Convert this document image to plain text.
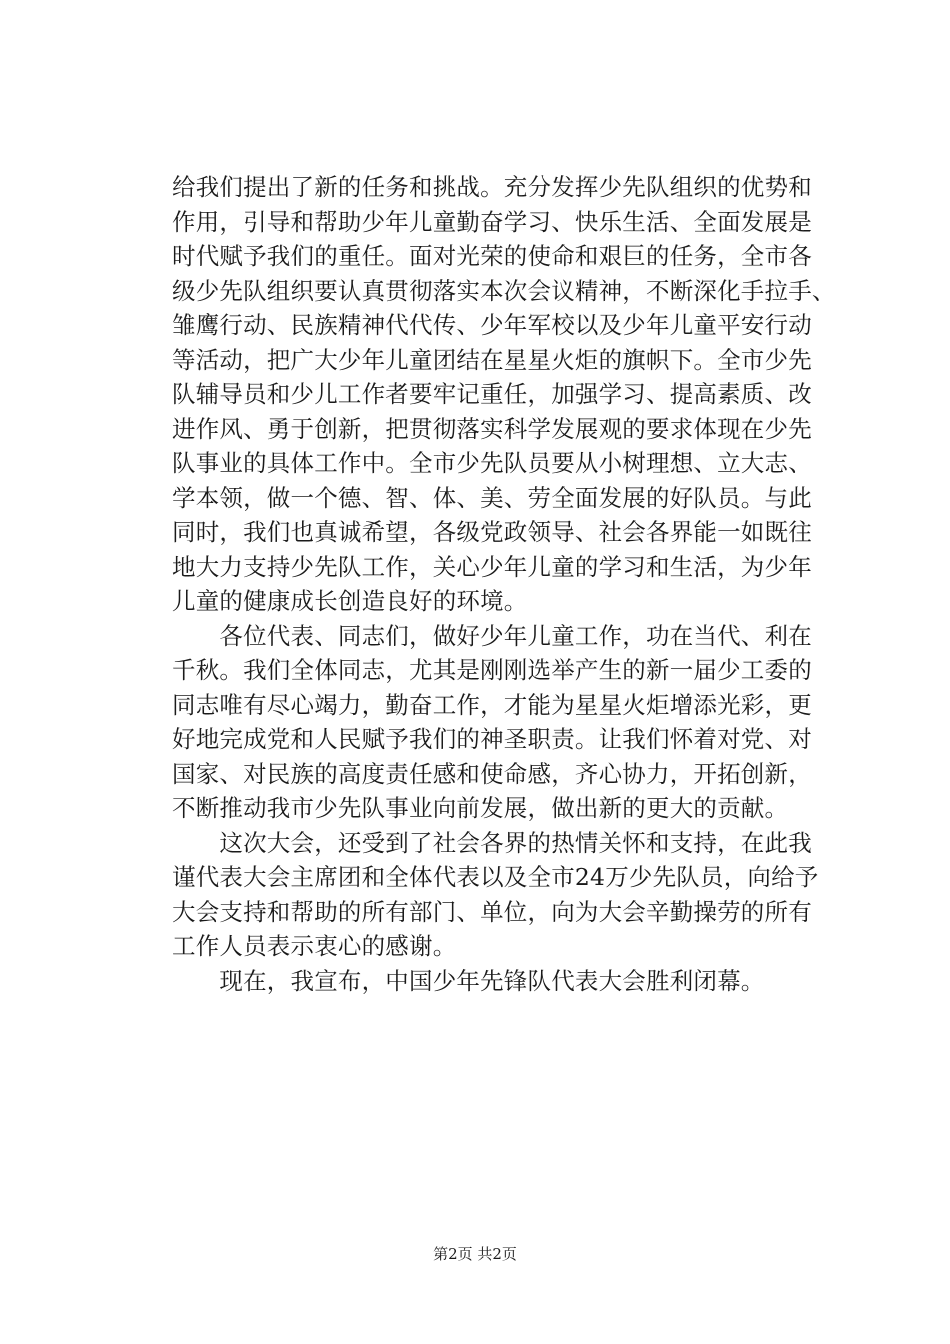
给我们提出了新的任务和挑战。充分发挥少先队组织的优势和
作用，引导和帮助少年儿童勤奋学习、快乐生活、全面发展是
时代赋予我们的重任。面对光荣的使命和艰巨的任务，全市各
级少先队组织要认真贯彻落实本次会议精神，不断深化手拉手、
雏鹰行动、民族精神代代传、少年军校以及少年儿童平安行动
等活动，把广大少年儿童团结在星星火炬的旗帜下。全市少先
队辅导员和少儿工作者要牢记重任，加强学习、提高素质、改
进作风、勇于创新，把贯彻落实科学发展观的要求体现在少先
队事业的具体工作中。全市少先队员要从小树理想、立大志、
学本领，做一个德、智、体、美、劳全面发展的好队员。与此
同时，我们也真诚希望，各级党政领导、社会各界能一如既往
地大力支持少先队工作，关心少年儿童的学习和生活，为少年
儿童的健康成长创造良好的环境。
　　各位代表、同志们，做好少年儿童工作，功在当代、利在
千秋。我们全体同志，尤其是刚刚选举产生的新一届少工委的
同志唯有尽心竭力，勤奋工作，才能为星星火炬增添光彩，更
好地完成党和人民赋予我们的神圣职责。让我们怀着对党、对
国家、对民族的高度责任感和使命感，齐心协力，开拓创新，
不断推动我市少先队事业向前发展，做出新的更大的贡献。
　　这次大会，还受到了社会各界的热情关怀和支持，在此我
谨代表大会主席团和全体代表以及全市24万少先队员，向给予
大会支持和帮助的所有部门、单位，向为大会辛勤操劳的所有
工作人员表示衷心的感谢。
　　现在，我宣布，中国少年先锋队代表大会胜利闭幕。
第2页 共2页
